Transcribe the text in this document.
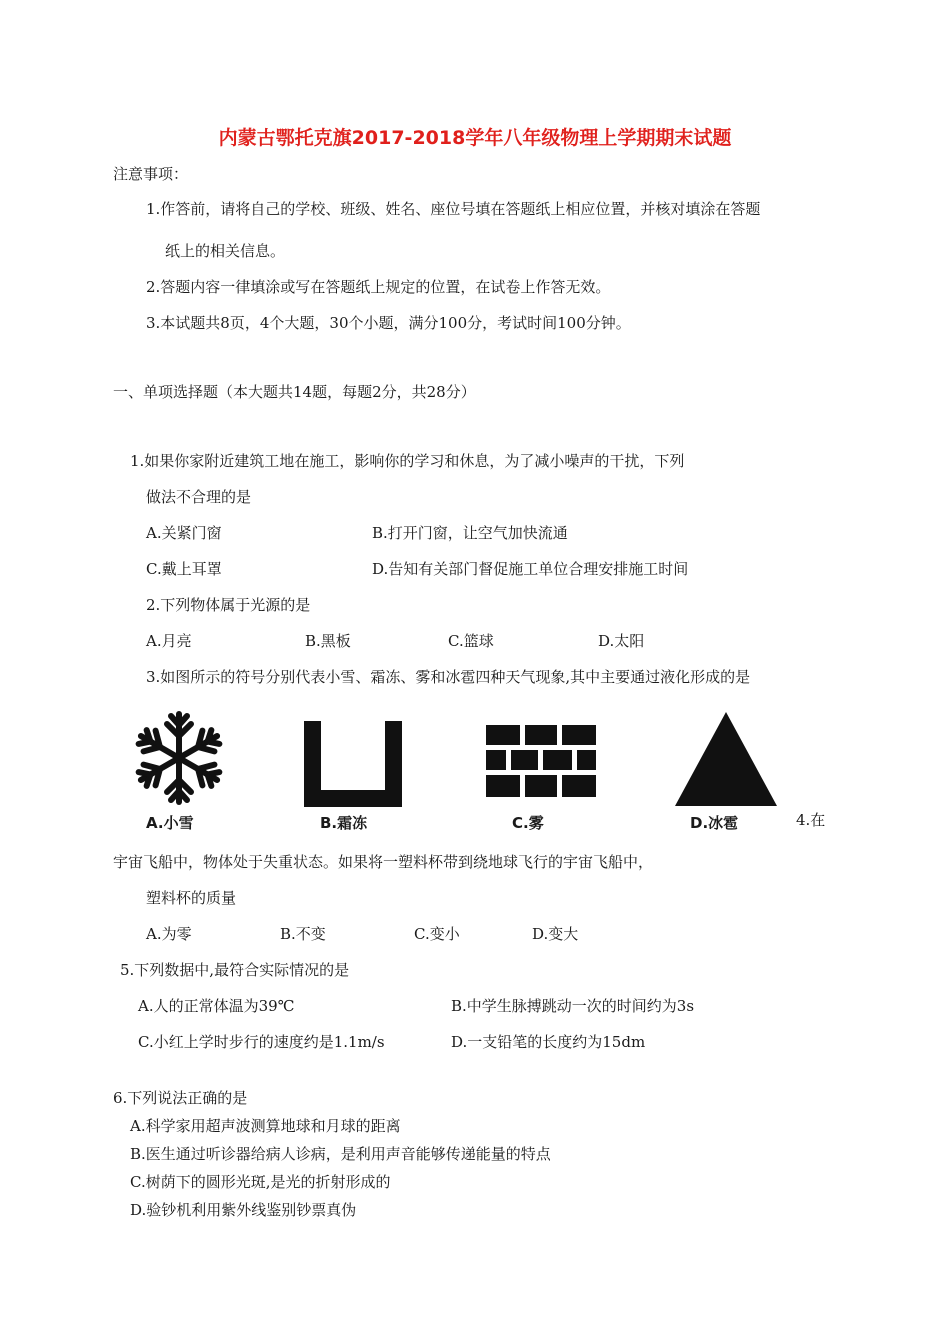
内蒙古鄂托克旗2017-2018学年八年级物理上学期期末试题
注意事项：
1.作答前，请将自己的学校、班级、姓名、座位号填在答题纸上相应位置，并核对填涂在答题
纸上的相关信息。
2.答题内容一律填涂或写在答题纸上规定的位置，在试卷上作答无效。
3.本试题共8页，4个大题，30个小题，满分100分，考试时间100分钟。
一、单项选择题（本大题共14题，每题2分，共28分）
1.如果你家附近建筑工地在施工，影响你的学习和休息，为了减小噪声的干扰，下列
做法不合理的是
A.关紧门窗	B.打开门窗，让空气加快流通
C.戴上耳罩	D.告知有关部门督促施工单位合理安排施工时间
2.下列物体属于光源的是
A.月亮	B.黑板	C.篮球	D.太阳
3.如图所示的符号分别代表小雪、霜冻、雾和冰雹四种天气现象,其中主要通过液化形成的是
A.小雪	B.霜冻	C.雾	D.冰雹	4.在
宇宙飞船中，物体处于失重状态。如果将一塑料杯带到绕地球飞行的宇宙飞船中，
塑料杯的质量
A.为零	B.不变	C.变小	D.变大
5.下列数据中,最符合实际情况的是
A.人的正常体温为39℃	B.中学生脉搏跳动一次的时间约为3s
C.小红上学时步行的速度约是1.1m/s	D.一支铅笔的长度约为15dm
6.下列说法正确的是
A.科学家用超声波测算地球和月球的距离
B.医生通过听诊器给病人诊病，是利用声音能够传递能量的特点
C.树荫下的圆形光斑,是光的折射形成的
D.验钞机利用紫外线鉴别钞票真伪
